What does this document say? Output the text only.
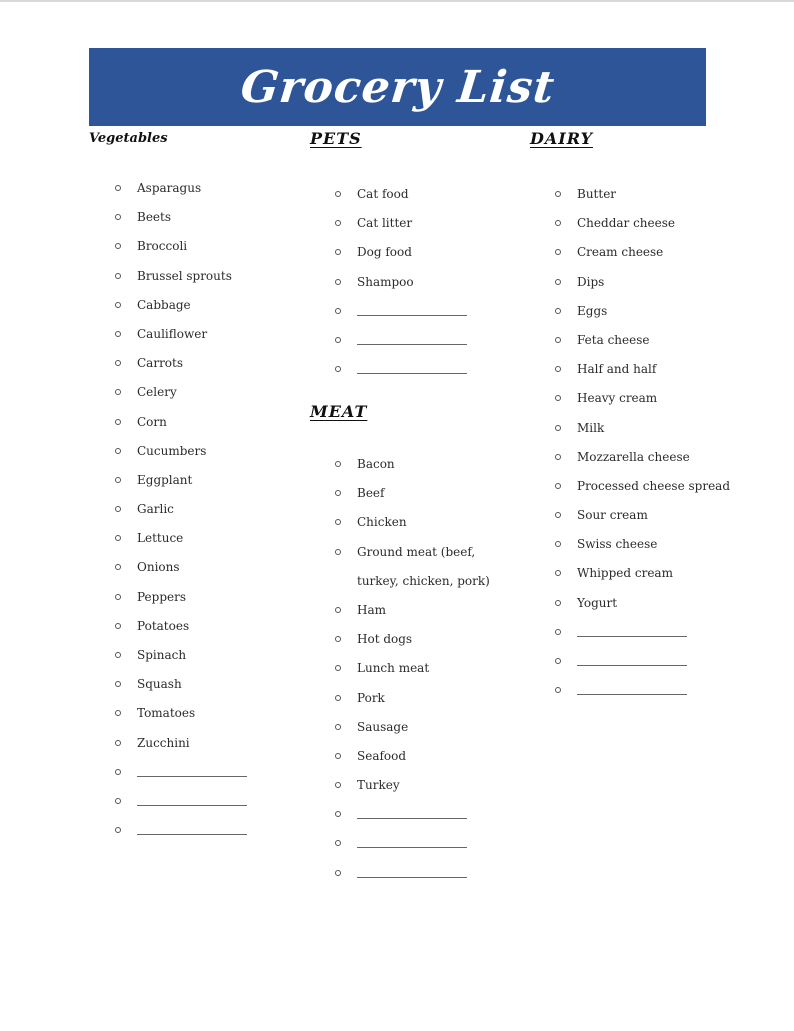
Grocery List
Vegetables	PETS	DAIRY
MEAT
Asparagus
Beets
Broccoli
Brussel sprouts
Cabbage
Cauliflower
Carrots
Celery
Corn
Cucumbers
Eggplant
Garlic
Lettuce
Onions
Peppers
Potatoes
Spinach
Squash
Tomatoes
Zucchini
Cat food
Cat litter
Dog food
Shampoo
Bacon
Beef
Chicken
Ground meat (beef, turkey, chicken, pork)
Ham
Hot dogs
Lunch meat
Pork
Sausage
Seafood
Turkey
Butter
Cheddar cheese
Cream cheese
Dips
Eggs
Feta cheese
Half and half
Heavy cream
Milk
Mozzarella cheese
Processed cheese spread
Sour cream
Swiss cheese
Whipped cream
Yogurt
